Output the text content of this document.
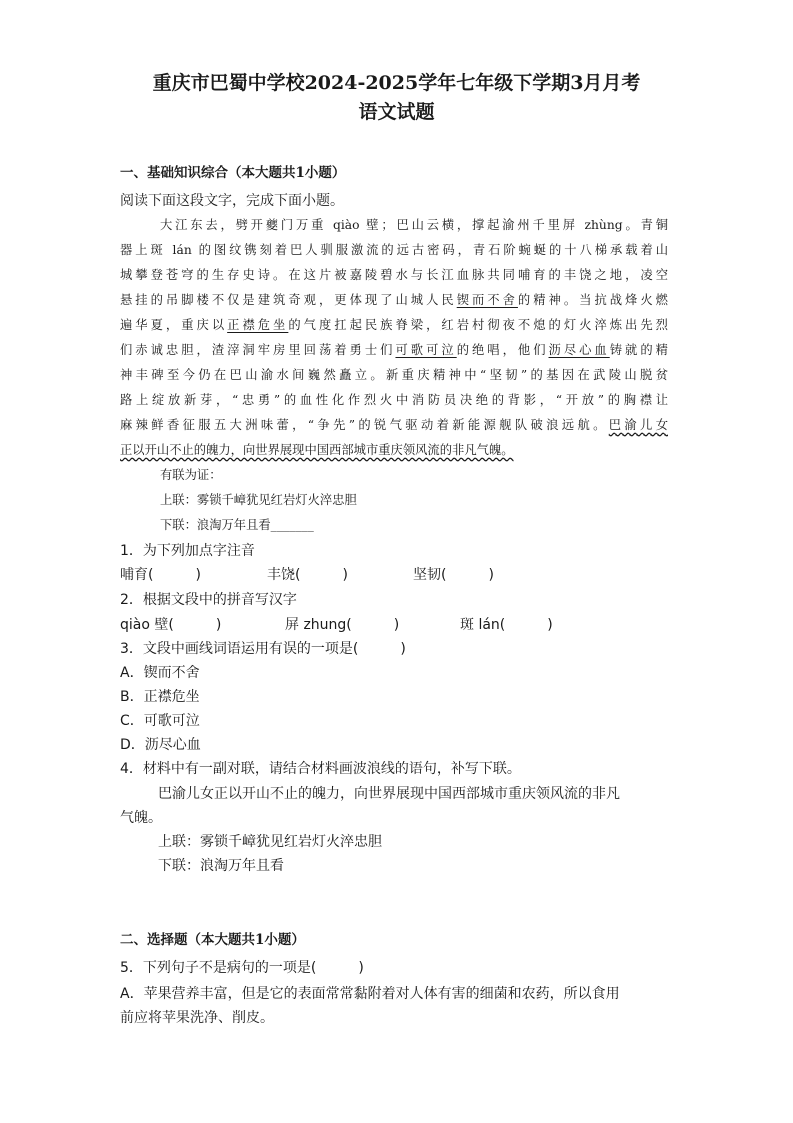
重庆市巴蜀中学校2024-2025学年七年级下学期3月月考
语文试题
一、基础知识综合（本大题共1小题）
阅读下面这段文字，完成下面小题。
大江东去，劈开夔门万重 qiào 壁；巴山云横，撑起渝州千里屏 zhùng。青铜
器上斑 lán 的图纹镌刻着巴人驯服激流的远古密码，青石阶蜿蜒的十八梯承载着山
城攀登苍穹的生存史诗。在这片被嘉陵碧水与长江血脉共同哺育的丰饶之地，凌空
悬挂的吊脚楼不仅是建筑奇观，更体现了山城人民锲而不舍的精神。当抗战烽火燃
遍华夏，重庆以正襟危坐的气度扛起民族脊梁，红岩村彻夜不熄的灯火淬炼出先烈
们赤诚忠胆，渣滓洞牢房里回荡着勇士们可歌可泣的绝唱，他们沥尽心血铸就的精
神丰碑至今仍在巴山渝水间巍然矗立。新重庆精神中“坚韧”的基因在武陵山脱贫
路上绽放新芽，“忠勇”的血性化作烈火中消防员决绝的背影，“开放”的胸襟让
麻辣鲜香征服五大洲味蕾，“争先”的锐气驱动着新能源舰队破浪远航。巴渝儿女
正以开山不止的魄力，向世界展现中国西部城市重庆领风流的非凡气魄。
有联为证：
上联：雾锁千嶂犹见红岩灯火淬忠胆
下联：浪淘万年且看_______
1．为下列加点字注音
哺育(　　　)	丰饶(　　　)	坚韧(　　　)
2．根据文段中的拼音写汉字
qiào 壁(　　　)	屏 zhung(　　　)	斑 lán(　　　)
3．文段中画线词语运用有误的一项是(　　　)
A．锲而不舍
B．正襟危坐
C．可歌可泣
D．沥尽心血
4．材料中有一副对联，请结合材料画波浪线的语句，补写下联。
巴渝儿女正以开山不止的魄力，向世界展现中国西部城市重庆领风流的非凡
气魄。
上联：雾锁千嶂犹见红岩灯火淬忠胆
下联：浪淘万年且看
二、选择题（本大题共1小题）
5．下列句子不是病句的一项是(　　　)
A．苹果营养丰富，但是它的表面常常黏附着对人体有害的细菌和农药，所以食用
前应将苹果洗净、削皮。
